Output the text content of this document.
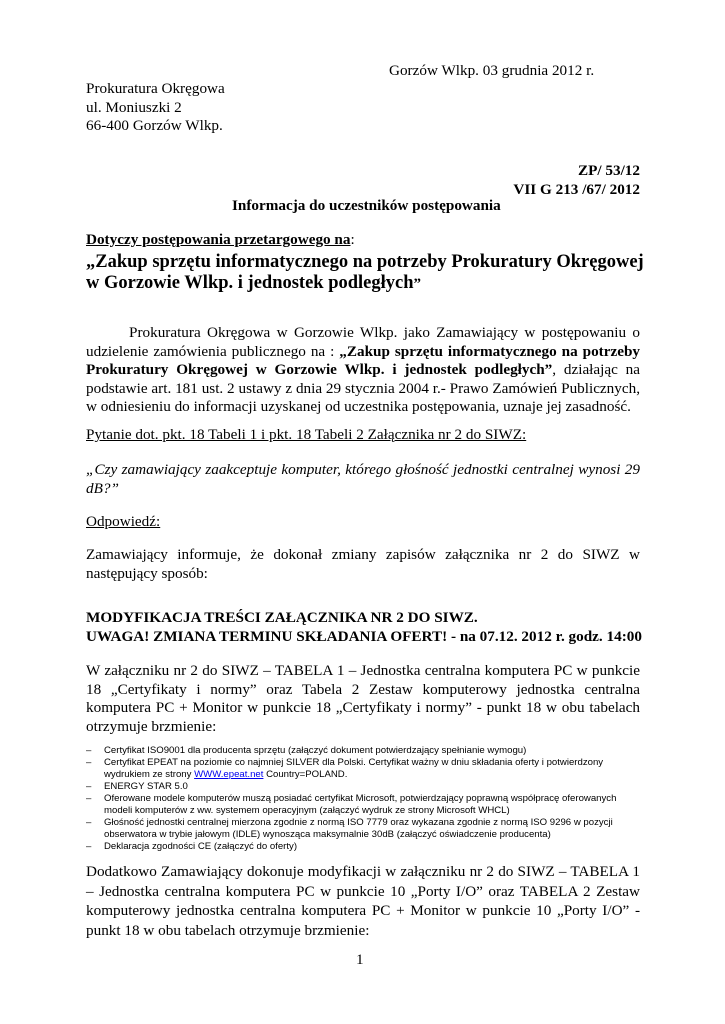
Gorzów Wlkp. 03 grudnia 2012 r.
Prokuratura Okręgowa
ul. Moniuszki 2
66-400 Gorzów Wlkp.
ZP/ 53/12
VII G 213 /67/ 2012
Informacja do uczestników postępowania
Dotyczy postępowania przetargowego na:
„Zakup sprzętu informatycznego na potrzeby Prokuratury Okręgowej
w Gorzowie Wlkp. i jednostek podległych”
Prokuratura Okręgowa w Gorzowie Wlkp. jako Zamawiający w postępowaniu o udzielenie zamówienia publicznego na : „Zakup sprzętu informatycznego na potrzeby Prokuratury Okręgowej w Gorzowie Wlkp. i jednostek podległych”, działając na podstawie art. 181 ust. 2 ustawy z dnia 29 stycznia 2004 r.- Prawo Zamówień Publicznych, w odniesieniu do informacji uzyskanej od uczestnika postępowania, uznaje jej zasadność.
Pytanie dot. pkt. 18 Tabeli 1 i pkt. 18 Tabeli 2 Załącznika nr 2 do SIWZ:
„Czy zamawiający zaakceptuje komputer, którego głośność jednostki centralnej wynosi 29 dB?”
Odpowiedź:
Zamawiający informuje, że dokonał zmiany zapisów załącznika nr 2 do SIWZ w następujący sposób:
MODYFIKACJA TREŚCI ZAŁĄCZNIKA NR 2 DO SIWZ.
UWAGA! ZMIANA TERMINU SKŁADANIA OFERT! - na 07.12. 2012 r. godz. 14:00
W załączniku nr 2 do SIWZ – TABELA 1 – Jednostka centralna komputera PC w punkcie 18 „Certyfikaty i normy” oraz Tabela 2 Zestaw komputerowy jednostka centralna komputera PC + Monitor w punkcie 18 „Certyfikaty i normy” - punkt 18 w obu tabelach otrzymuje brzmienie:
– Certyfikat ISO9001 dla producenta sprzętu (załączyć dokument potwierdzający spełnianie wymogu)
– Certyfikat EPEAT na poziomie co najmniej SILVER dla Polski. Certyfikat ważny w dniu składania oferty i potwierdzony wydrukiem ze strony WWW.epeat.net Country=POLAND.
– ENERGY STAR 5.0
– Oferowane modele komputerów muszą posiadać certyfikat Microsoft, potwierdzający poprawną współpracę oferowanych modeli komputerów z ww. systemem operacyjnym (załączyć wydruk ze strony Microsoft WHCL)
– Głośność jednostki centralnej mierzona zgodnie z normą ISO 7779 oraz wykazana zgodnie z normą ISO 9296 w pozycji obserwatora w trybie jałowym (IDLE) wynosząca maksymalnie 30dB (załączyć oświadczenie producenta)
– Deklaracja zgodności CE (załączyć do oferty)
Dodatkowo Zamawiający dokonuje modyfikacji w załączniku nr 2 do SIWZ – TABELA 1 – Jednostka centralna komputera PC w punkcie 10 „Porty I/O” oraz TABELA 2 Zestaw komputerowy jednostka centralna komputera PC + Monitor w punkcie 10 „Porty I/O” - punkt 18 w obu tabelach otrzymuje brzmienie:
1
